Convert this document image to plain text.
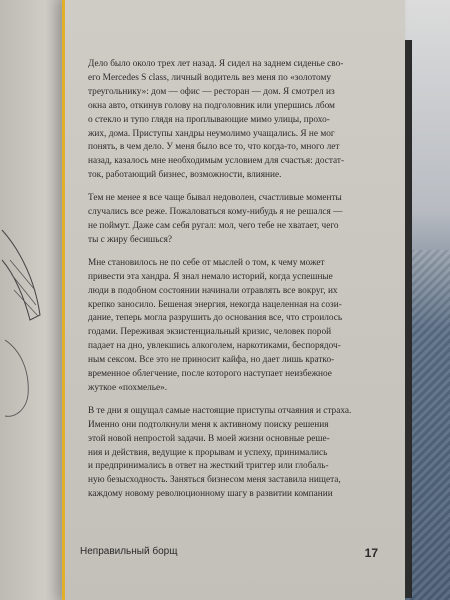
Дело было около трех лет назад. Я сидел на заднем сиденье сво-
его Mercedes S class, личный водитель вез меня по «золотому
треугольнику»: дом — офис — ресторан — дом. Я смотрел из
окна авто, откинув голову на подголовник или упершись лбом
о стекло и тупо глядя на проплывающие мимо улицы, прохо-
жих, дома. Приступы хандры неумолимо учащались. Я не мог
понять, в чем дело. У меня было все то, что когда-то, много лет
назад, казалось мне необходимым условием для счастья: достат-
ток, работающий бизнес, возможности, влияние.
Тем не менее я все чаще бывал недоволен, счастливые моменты
случались все реже. Пожаловаться кому-нибудь я не решался —
не поймут. Даже сам себя ругал: мол, чего тебе не хватает, чего
ты с жиру бесишься?
Мне становилось не по себе от мыслей о том, к чему может
привести эта хандра. Я знал немало историй, когда успешные
люди в подобном состоянии начинали отравлять все вокруг, их
крепко заносило. Бешеная энергия, некогда нацеленная на сози-
дание, теперь могла разрушить до основания все, что строилось
годами. Переживая экзистенциальный кризис, человек порой
падает на дно, увлекшись алкоголем, наркотиками, беспорядоч-
ным сексом. Все это не приносит кайфа, но дает лишь кратко-
временное облегчение, после которого наступает неизбежное
жуткое «похмелье».
В те дни я ощущал самые настоящие приступы отчаяния и страха.
Именно они подтолкнули меня к активному поиску решения
этой новой непростой задачи. В моей жизни основные реше-
ния и действия, ведущие к прорывам и успеху, принимались
и предпринимались в ответ на жесткий триггер или глобаль-
ную безысходность. Заняться бизнесом меня заставила нищета,
каждому новому революционному шагу в развитии компании
Неправильный борщ	17
